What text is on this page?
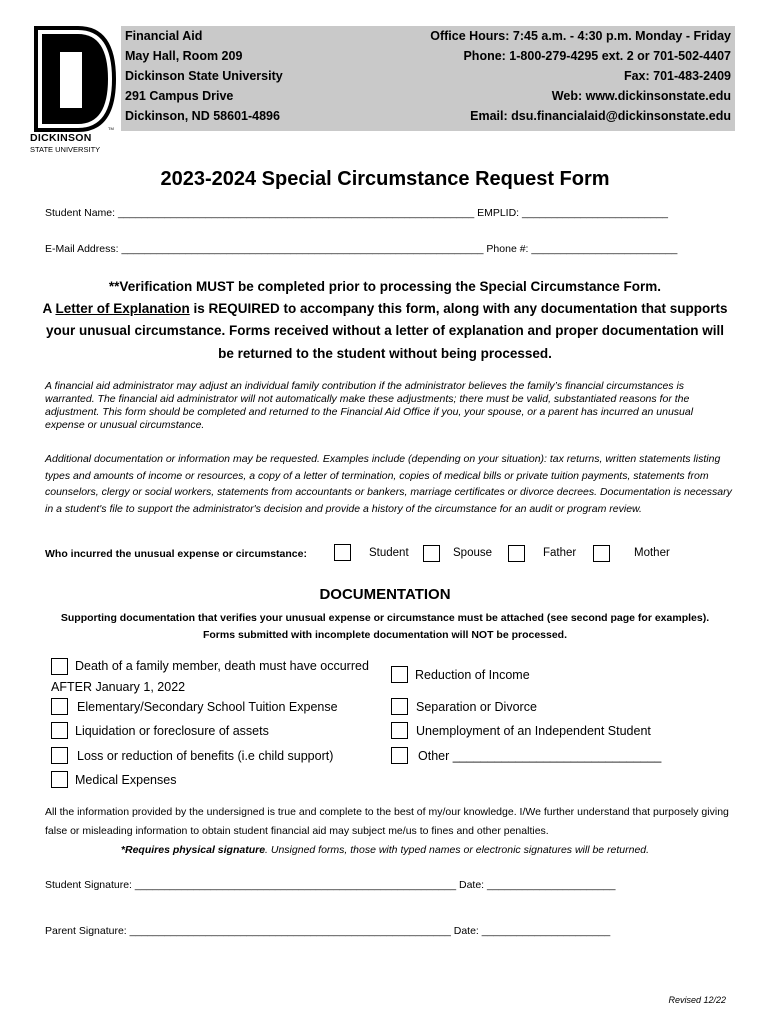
DICKINSON
STATE UNIVERSITY
TM
Financial Aid
May Hall, Room 209
Dickinson State University
291 Campus Drive
Dickinson, ND 58601-4896
Office Hours: 7:45 a.m. - 4:30 p.m. Monday - Friday
Phone: 1-800-279-4295 ext. 2 or 701-502-4407
Fax: 701-483-2409
Web: www.dickinsonstate.edu
Email: dsu.financialaid@dickinsonstate.edu
2023-2024 Special Circumstance Request Form
Student Name: _____________________________________________________________ EMPLID: _________________________
E-Mail Address: ______________________________________________________________ Phone #: _________________________
**Verification MUST be completed prior to processing the Special Circumstance Form.
A Letter of Explanation is REQUIRED to accompany this form, along with any documentation that supports
your unusual circumstance. Forms received without a letter of explanation and proper documentation will
be returned to the student without being processed.
A financial aid administrator may adjust an individual family contribution if the administrator believes the family’s financial circumstances is warranted. The financial aid administrator will not automatically make these adjustments; there must be valid, substantiated reasons for the adjustment. This form should be completed and returned to the Financial Aid Office if you, your spouse, or a parent has incurred an unusual expense or unusual circumstance.
Additional documentation or information may be requested. Examples include (depending on your situation): tax returns, written statements listing types and amounts of income or resources, a copy of a letter of termination, copies of medical bills or private tuition payments, statements from counselors, clergy or social workers, statements from accountants or bankers, marriage certificates or divorce decrees. Documentation is necessary in a student's file to support the administrator's decision and provide a history of the circumstance for an audit or program review.
Who incurred the unusual expense or circumstance:	Student	Spouse	Father	Mother
DOCUMENTATION
Supporting documentation that verifies your unusual expense or circumstance must be attached (see second page for examples).
Forms submitted with incomplete documentation will NOT be processed.
Death of a family member, death must have occurred
AFTER January 1, 2022
Elementary/Secondary School Tuition Expense
Liquidation or foreclosure of assets
Loss or reduction of benefits (i.e child support)
Medical Expenses
Reduction of Income
Separation or Divorce
Unemployment of an Independent Student
Other ______________________________
All the information provided by the undersigned is true and complete to the best of my/our knowledge. I/We further understand that purposely giving false or misleading information to obtain student financial aid may subject me/us to fines and other penalties.
*Requires physical signature. Unsigned forms, those with typed names or electronic signatures will be returned.
Student Signature: _______________________________________________________ Date: ______________________
Parent Signature: _______________________________________________________ Date: ______________________
Revised 12/22
